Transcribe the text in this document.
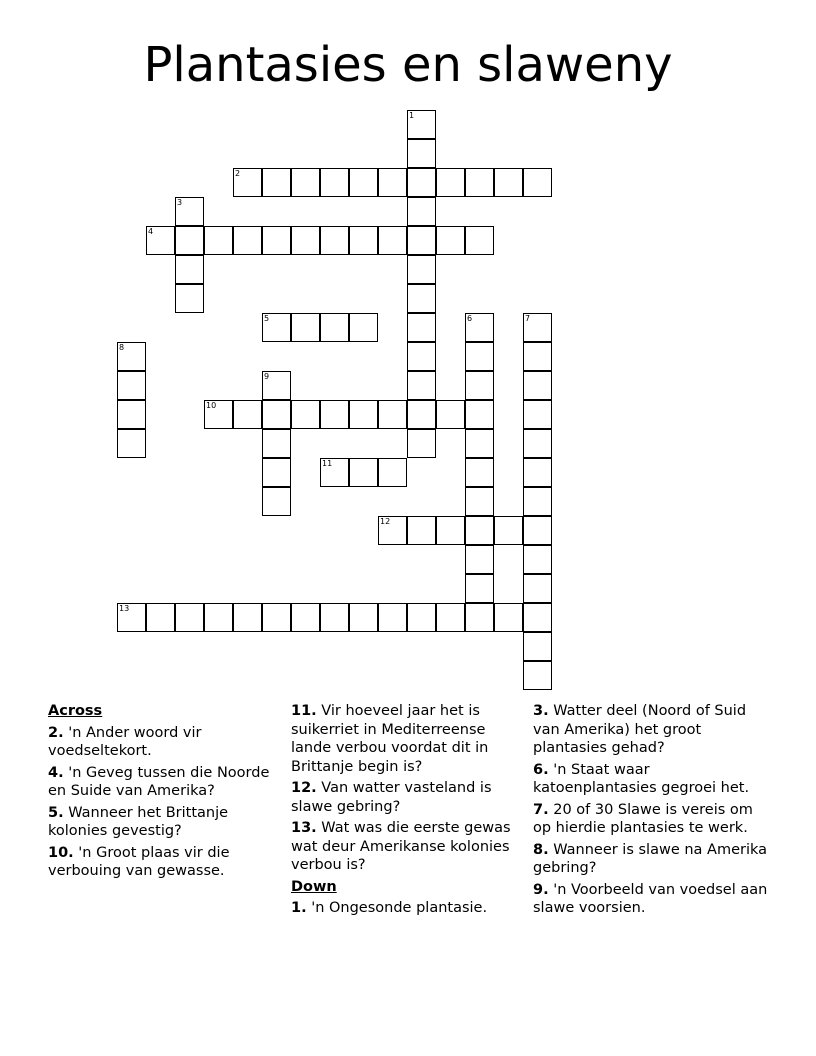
Plantasies en slaweny
1
2
3
4
5	6	7
8
9
10
11
12
13
Across
2. 'n Ander woord vir voedseltekort.
4. 'n Geveg tussen die Noorde en Suide van Amerika?
5. Wanneer het Brittanje kolonies gevestig?
10. 'n Groot plaas vir die verbouing van gewasse.
11. Vir hoeveel jaar het is suikerriet in Mediterreense lande verbou voordat dit in Brittanje begin is?
12. Van watter vasteland is slawe gebring?
13. Wat was die eerste gewas wat deur Amerikanse kolonies verbou is?
Down
1. 'n Ongesonde plantasie.
3. Watter deel (Noord of Suid van Amerika) het groot plantasies gehad?
6. 'n Staat waar katoenplantasies gegroei het.
7. 20 of 30 Slawe is vereis om op hierdie plantasies te werk.
8. Wanneer is slawe na Amerika gebring?
9. 'n Voorbeeld van voedsel aan slawe voorsien.
